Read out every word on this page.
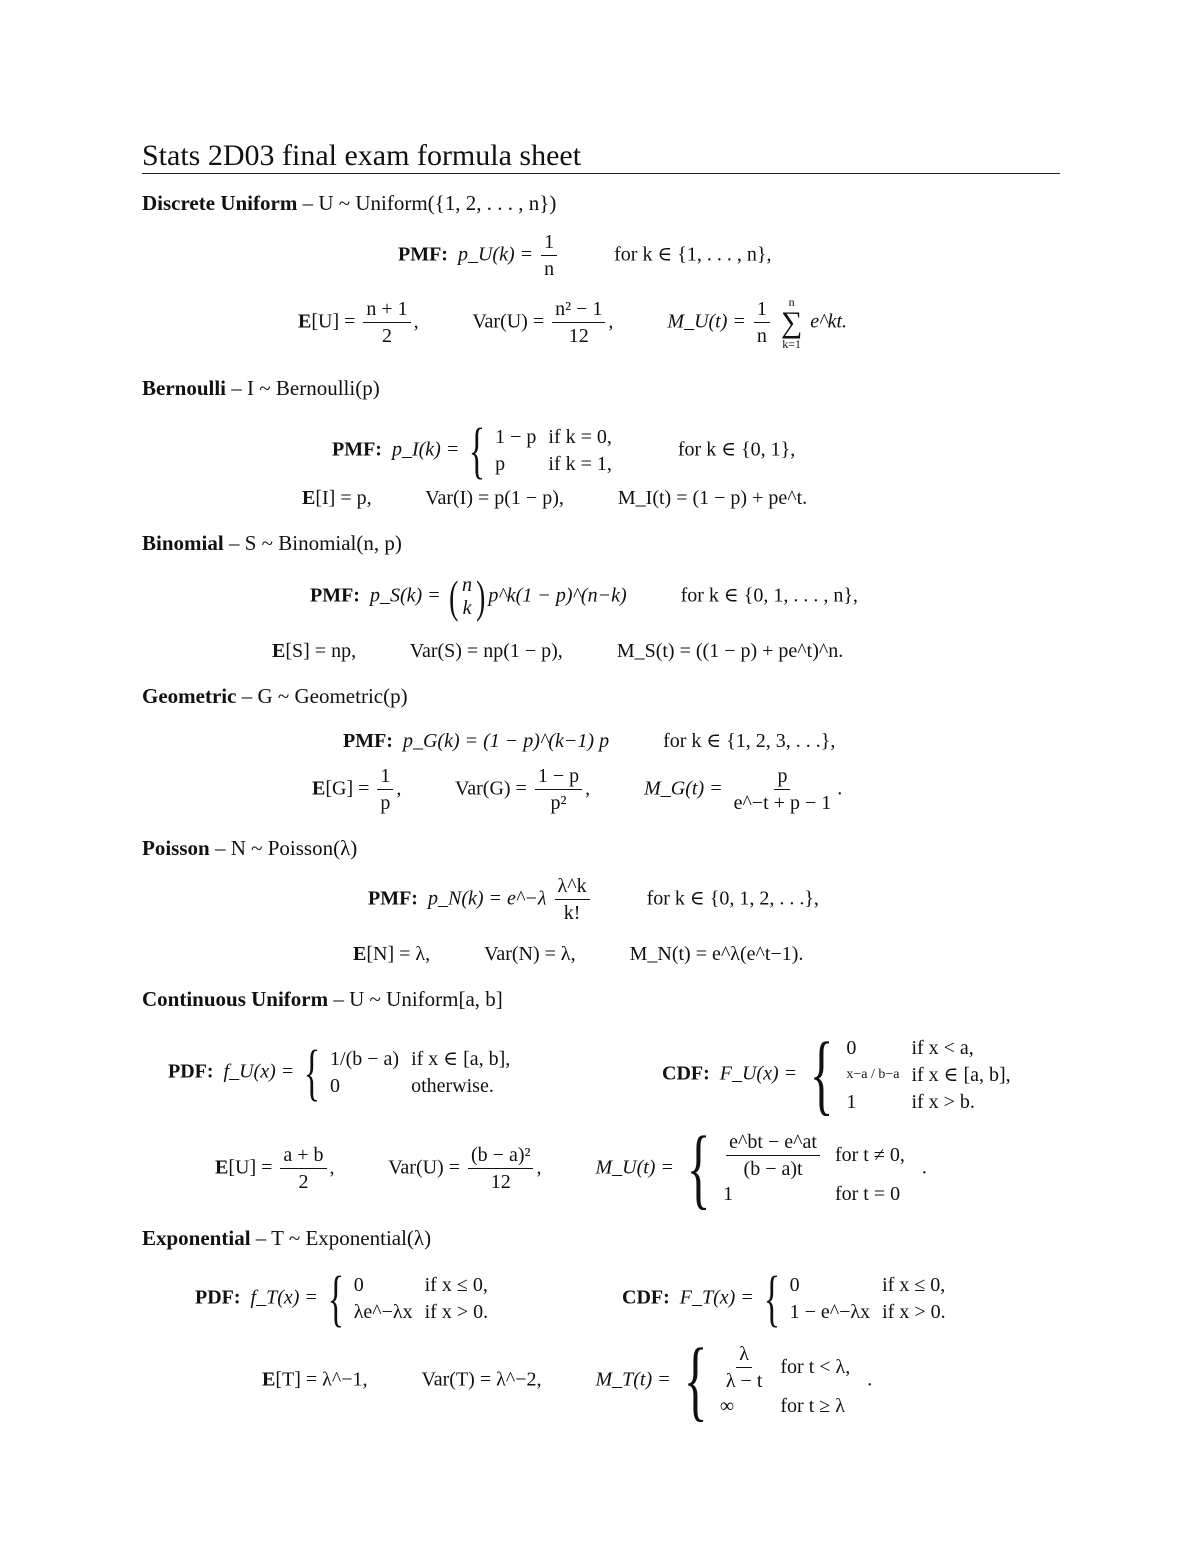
Stats 2D03 final exam formula sheet
Discrete Uniform – U ~ Uniform({1, 2, . . . , n})
PMF: p_U(k) = $\frac{1}{n}$	for k ∈ {1, . . . , n},
$E[U] = \frac{n + 1}{2}$ ,  $Var(U) = \frac{\text{n² − 1}}{12}$ ,  M_U(t) = $\frac{1}{n}$
n
∑
k=1
e^kt.
Bernoulli – I ~ Bernoulli(p)
PMF: p_I(k) = { 1 − p	if k = 0,
p	if k = 1,
for k ∈ {0, 1},
E[I] = p,	Var(I) = p(1 − p),	M_I(t) = (1 − p) + pe^t.
Binomial – S ~ Binomial(n, p)
PMF: p_S(k) = ( n
k ) p^k(1 − p)^(n−k)	for k ∈ {0, 1, . . . , n},
E[S] = np,	Var(S) = np(1 − p),	M_S(t) = ((1 − p) + pe^t)^n.
Geometric – G ~ Geometric(p)
PMF: p_G(k) = (1 − p)^(k−1) p	for k ∈ {1, 2, 3, . . .},
$E[G] = \frac{1}{p}$ ,  $Var(G) = \frac{1 - p}{\text{p²}}$ ,  M_G(t) = $\frac{p}{e\^{}-t + p - 1}$ .
Poisson – N ~ Poisson(λ)
PMF: p_N(k) = e^−λ $\frac{\lambda\^{}k}{k!}$	for k ∈ {0, 1, 2, . . .},
E[N] = λ,	Var(N) = λ,	M_N(t) = e^λ(e^t−1).
Continuous Uniform – U ~ Uniform[a, b]
PDF: f_U(x) = { 1/(b − a)	if x ∈ [a, b],
0	otherwise.
CDF: F_U(x) = { 0	if x < a,
x−a / b−a	if x ∈ [a, b],
1	if x > b.
$E[U] = \frac{a + b}{2}$ ,  $Var(U) = \frac{\text{(b − a)²}}{12}$ ,  M_U(t) = { $\frac{e\^{}bt - e\^{}at}{(b - a)t}$	for t ≠ 0,
1	for t = 0
.
Exponential – T ~ Exponential(λ)
PDF: f_T(x) = { 0	if x ≤ 0,
λe^−λx	if x > 0.
CDF: F_T(x) = { 0	if x ≤ 0,
1 − e^−λx	if x > 0.
E[T] = λ^−1,	Var(T) = λ^−2,	M_T(t) = { $\frac{\lambda}{\lambda - t}$	for t < λ,
∞	for t ≥ λ
.
